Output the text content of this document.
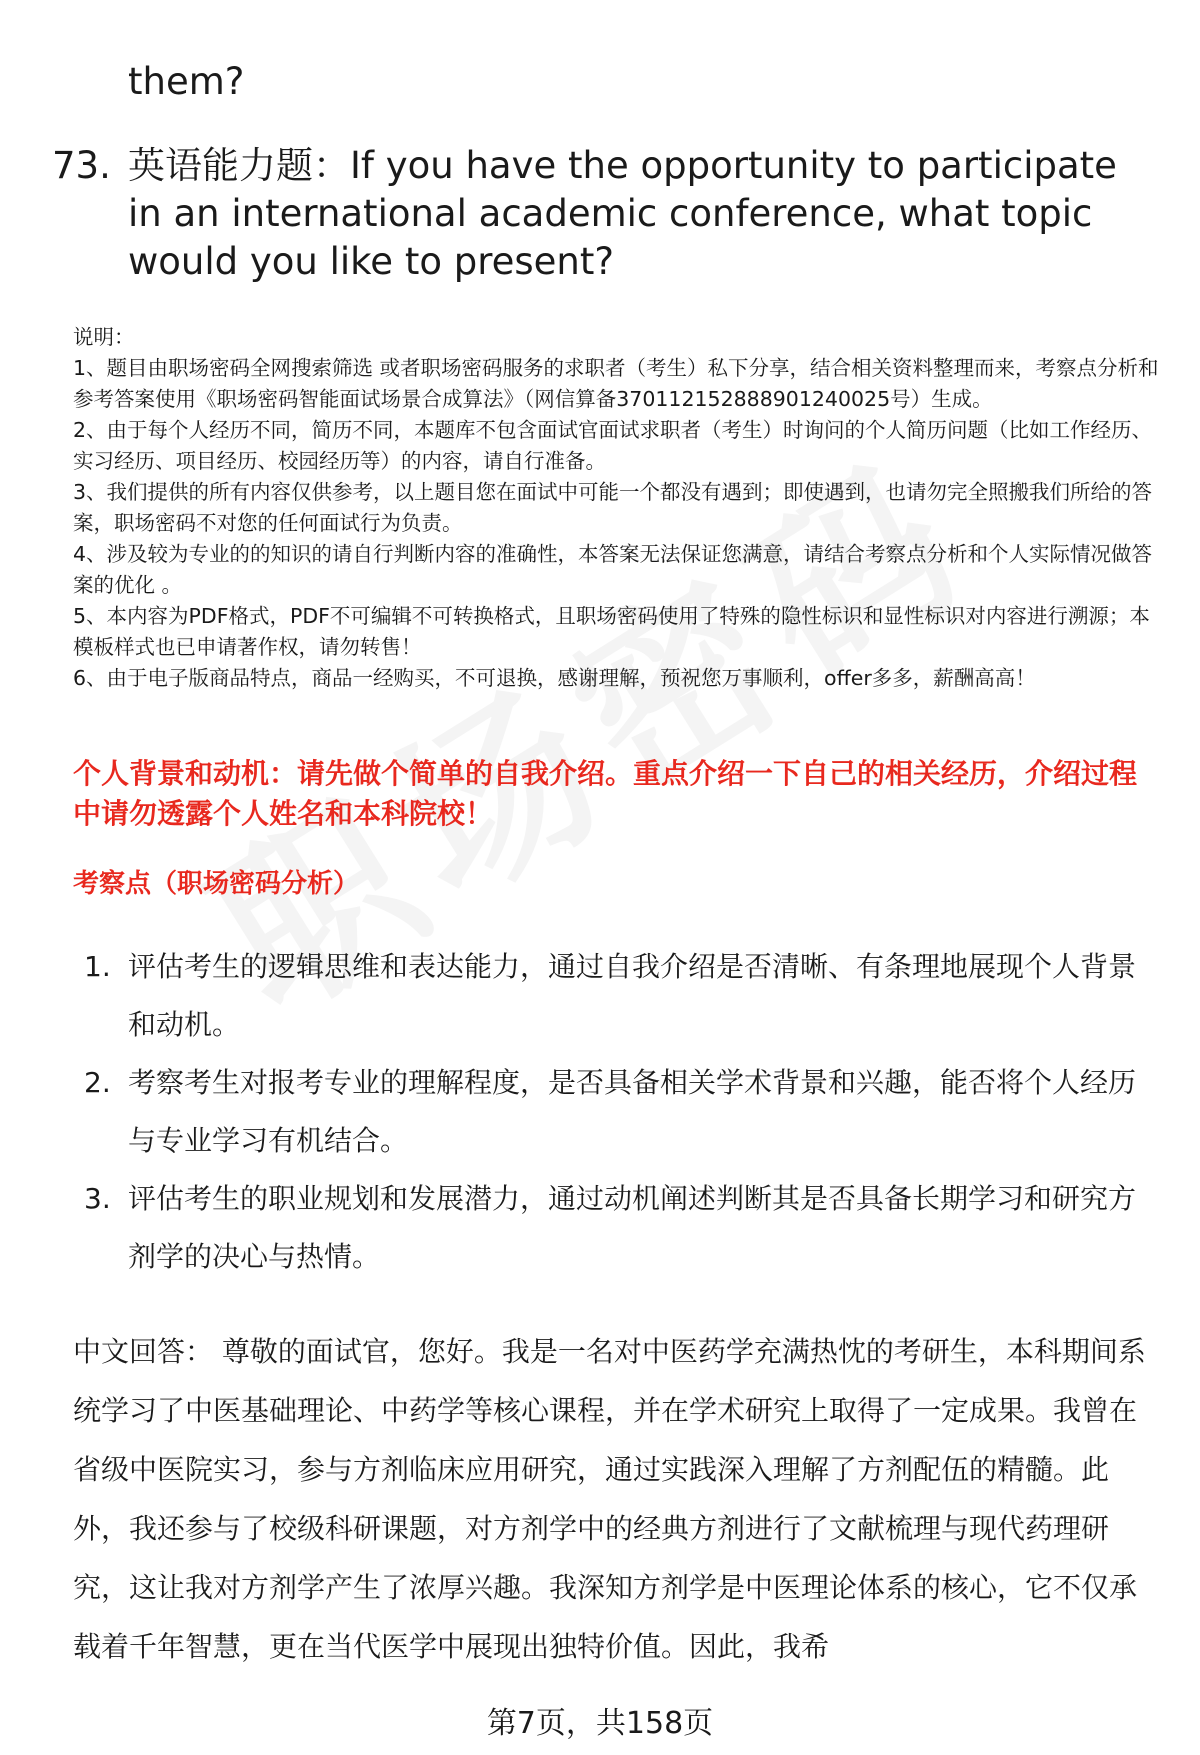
them?
73. 英语能力题：If you have the opportunity to participate in an international academic conference, what topic would you like to present?

说明：

1、题目由职场密码全网搜索筛选 或者职场密码服务的求职者（考生）私下分享，结合相关资料整理而来，考察点分析和参考答案使用《职场密码智能面试场景合成算法》（网信算备370112152888901240025号）生成。

2、由于每个人经历不同，简历不同，本题库不包含面试官面试求职者（考生）时询问的个人简历问题（比如工作经历、实习经历、项目经历、校园经历等）的内容，请自行准备。

3、我们提供的所有内容仅供参考，以上题目您在面试中可能一个都没有遇到；即使遇到，也请勿完全照搬我们所给的答案，职场密码不对您的任何面试行为负责。

4、涉及较为专业的的知识的请自行判断内容的准确性，本答案无法保证您满意，请结合考察点分析和个人实际情况做答案的优化 。

5、本内容为PDF格式，PDF不可编辑不可转换格式，且职场密码使用了特殊的隐性标识和显性标识对内容进行溯源；本模板样式也已申请著作权，请勿转售！

6、由于电子版商品特点，商品一经购买，不可退换，感谢理解，预祝您万事顺利，offer多多，薪酬高高！

个人背景和动机：请先做个简单的自我介绍。重点介绍一下自己的相关经历，介绍过程中请勿透露个人姓名和本科院校！
考察点（职场密码分析）
1. 评估考生的逻辑思维和表达能力，通过自我介绍是否清晰、有条理地展现个人背景和动机。
2. 考察考生对报考专业的理解程度，是否具备相关学术背景和兴趣，能否将个人经历与专业学习有机结合。
3. 评估考生的职业规划和发展潜力，通过动机阐述判断其是否具备长期学习和研究方剂学的决心与热情。

中文回答： 尊敬的面试官，您好。我是一名对中医药学充满热忱的考研生，本科期间系统学习了中医基础理论、中药学等核心课程，并在学术研究上取得了一定成果。我曾在省级中医院实习，参与方剂临床应用研究，通过实践深入理解了方剂配伍的精髓。此外，我还参与了校级科研课题，对方剂学中的经典方剂进行了文献梳理与现代药理研究，这让我对方剂学产生了浓厚兴趣。我深知方剂学是中医理论体系的核心，它不仅承载着千年智慧，更在当代医学中展现出独特价值。因此，我希

第7页，共158页
